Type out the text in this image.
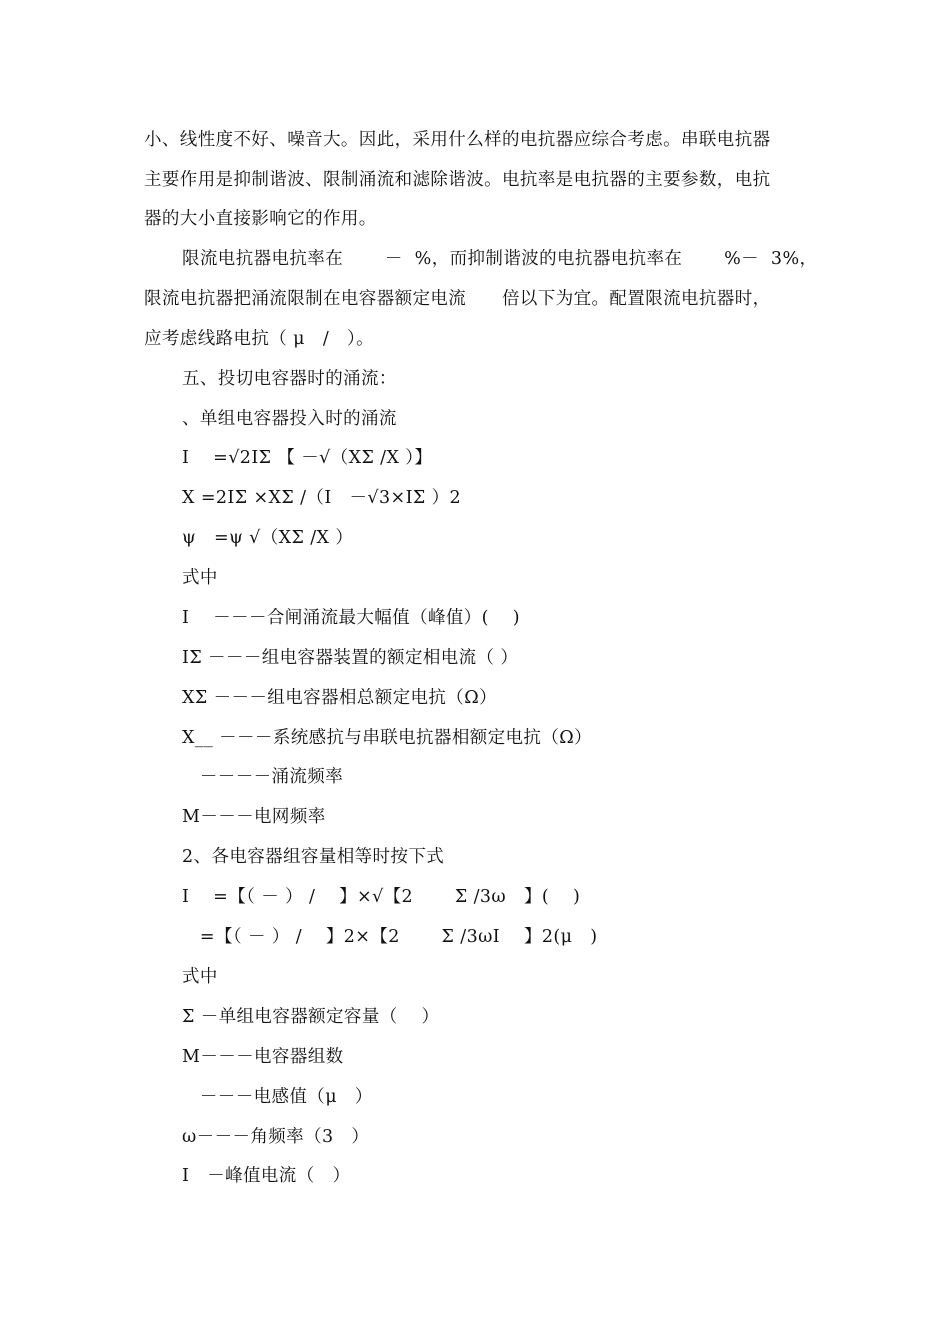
小、线性度不好、噪音大。因此，采用什么样的电抗器应综合考虑。串联电抗器
主要作用是抑制谐波、限制涌流和滤除谐波。电抗率是电抗器的主要参数，电抗
器的大小直接影响它的作用。
限流电抗器电抗率在　　 －  %，而抑制谐波的电抗器电抗率在　　 %－  3%，
限流电抗器把涌流限制在电容器额定电流　　倍以下为宜。配置限流电抗器时，
应考虑线路电抗（ μ　/　）。
五、投切电容器时的涌流：
、单组电容器投入时的涌流
I　 =√2IΣ 【 －√（XΣ /X ）】
X =2IΣ ×XΣ /（I　－√3×IΣ ）2
ψ　=ψ √（XΣ /X ）
式中
I　 －－－合闸涌流最大幅值（峰值）(　 )
IΣ －－－组电容器装置的额定相电流（ ）
XΣ －－－组电容器相总额定电抗（Ω）
X__ －－－系统感抗与串联电抗器相额定电抗（Ω）
　－－－－涌流频率
M－－－电网频率
2、各电容器组容量相等时按下式
I　 =【（ － ） /　 】×√【2　　 Σ /3ω　】(　 )
　=【（ － ） /　 】2×【2　　 Σ /3ωI　 】2(μ　)
式中
Σ －单组电容器额定容量（　 ）
M－－－电容器组数
　－－－电感值（μ　）
ω－－－角频率（3　）
I　－峰值电流（　）
